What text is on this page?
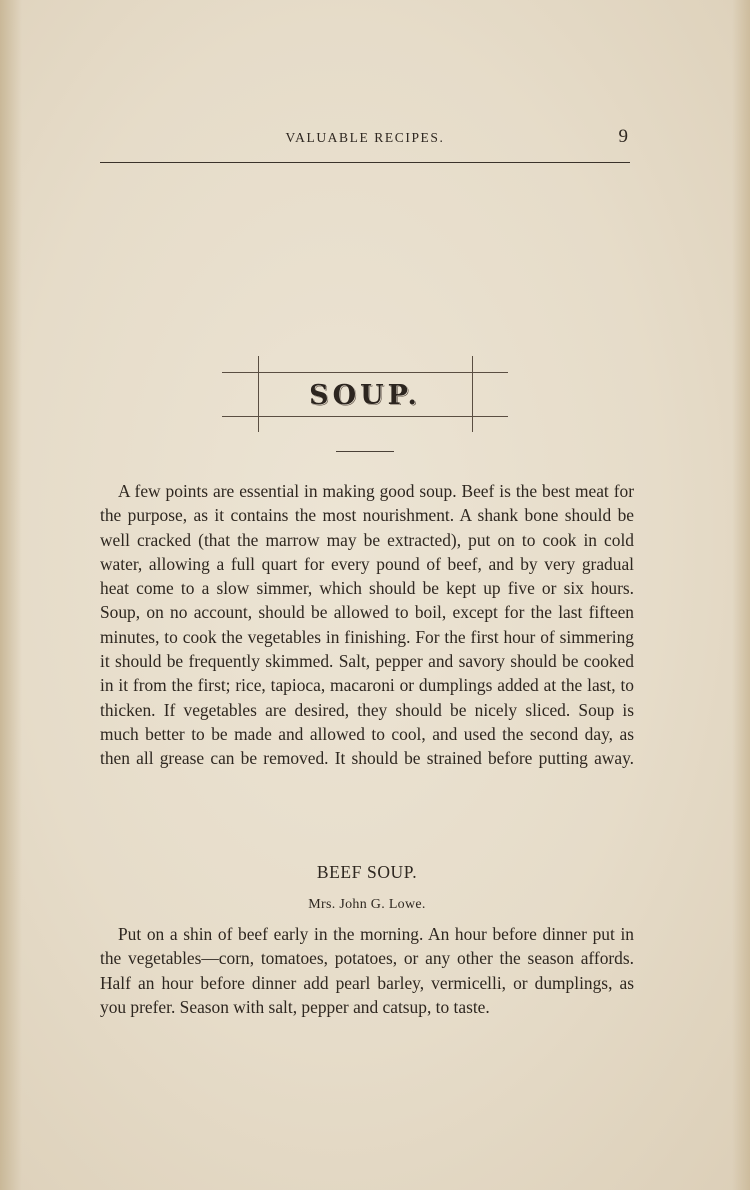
VALUABLE RECIPES.	9
SOUP.

A few points are essential in making good soup. Beef is the best meat for the purpose, as it contains the most nourishment. A shank bone should be well cracked (that the marrow may be extracted), put on to cook in cold water, allowing a full quart for every pound of beef, and by very gradual heat come to a slow simmer, which should be kept up five or six hours. Soup, on no account, should be allowed to boil, except for the last fifteen minutes, to cook the vegetables in finishing. For the first hour of simmering it should be frequently skimmed. Salt, pepper and savory should be cooked in it from the first; rice, tapioca, macaroni or dumplings added at the last, to thicken. If vegetables are desired, they should be nicely sliced. Soup is much better to be made and allowed to cool, and used the second day, as then all grease can be removed. It should be strained before putting away.

BEEF SOUP.
Mrs. John G. Lowe.

Put on a shin of beef early in the morning. An hour before dinner put in the vegetables—corn, tomatoes, potatoes, or any other the season affords. Half an hour before dinner add pearl barley, vermicelli, or dumplings, as you prefer. Season with salt, pepper and catsup, to taste.
